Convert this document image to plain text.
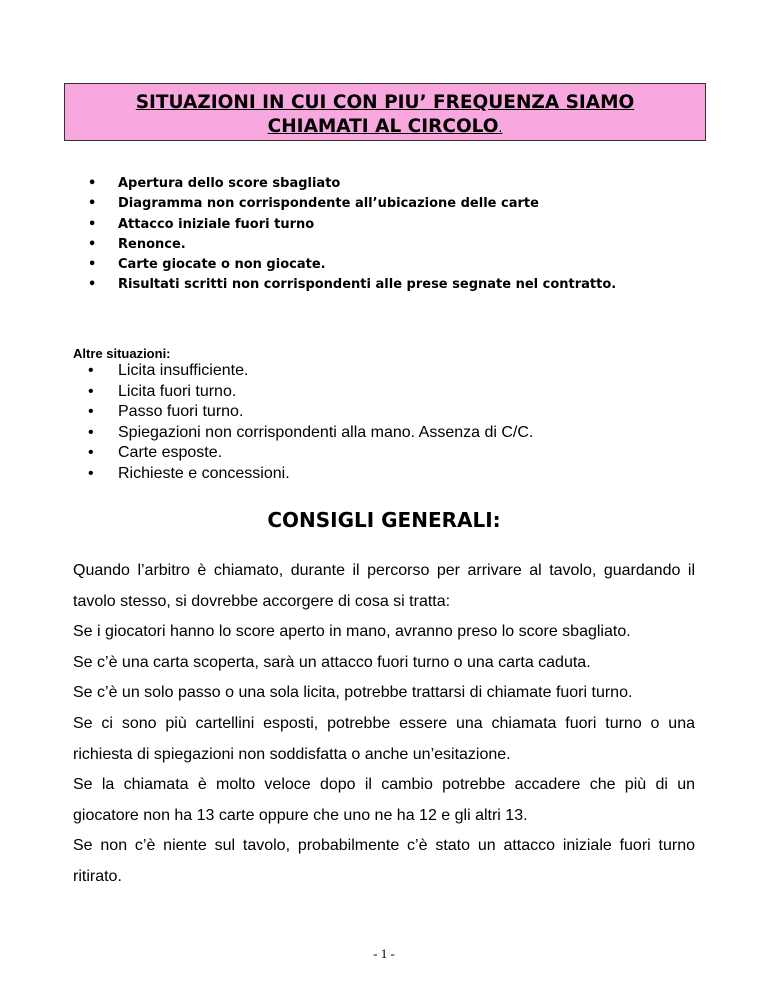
SITUAZIONI IN CUI CON PIU’ FREQUENZA SIAMO
CHIAMATI AL CIRCOLO.
• Apertura dello score sbagliato
• Diagramma non corrispondente all’ubicazione delle carte
• Attacco iniziale fuori turno
• Renonce.
• Carte giocate o non giocate.
• Risultati scritti non corrispondenti alle prese segnate nel contratto.
Altre situazioni:
• Licita insufficiente.
• Licita fuori turno.
• Passo fuori turno.
• Spiegazioni non corrispondenti alla mano. Assenza di C/C.
• Carte esposte.
• Richieste e concessioni.
CONSIGLI GENERALI:

Quando l’arbitro è chiamato, durante il percorso per arrivare al tavolo, guardando il tavolo stesso, si dovrebbe accorgere di cosa si tratta:

Se i giocatori hanno lo score aperto in mano, avranno preso lo score sbagliato.

Se c’è una carta scoperta, sarà un attacco fuori turno o una carta caduta.

Se c’è un solo passo o una sola licita, potrebbe trattarsi di chiamate fuori turno.

Se ci sono più cartellini esposti, potrebbe essere una chiamata fuori turno o una richiesta di spiegazioni non soddisfatta o anche un’esitazione.

Se la chiamata è molto veloce dopo il cambio potrebbe accadere che più di un giocatore non ha 13 carte oppure che uno ne ha 12 e gli altri 13.

Se non c’è niente sul tavolo, probabilmente c’è stato un attacco iniziale fuori turno ritirato.

- 1 -
